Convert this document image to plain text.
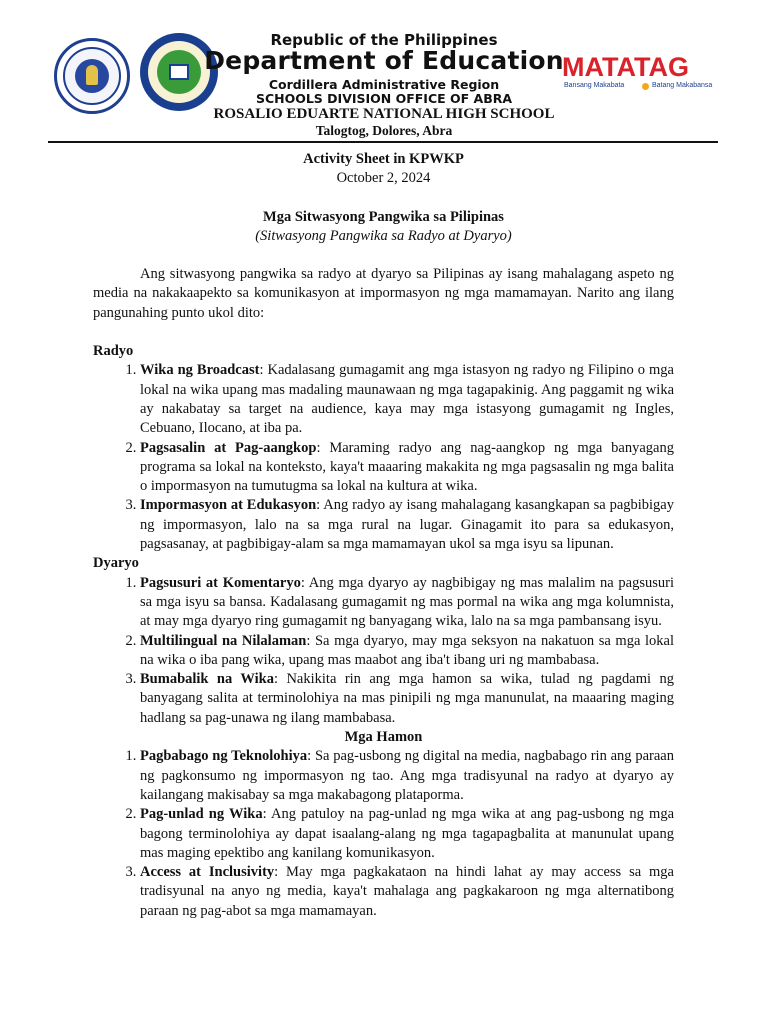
Republic of the Philippines
Department of Education
Cordillera Administrative Region
SCHOOLS DIVISION OFFICE OF ABRA
ROSALIO EDUARTE NATIONAL HIGH SCHOOL
Talogtog, Dolores, Abra
MATATAG
Bansang Makabata	Batang Makabansa
Activity Sheet in KPWKP
October 2, 2024
Mga Sitwasyong Pangwika sa Pilipinas
(Sitwasyong Pangwika sa Radyo at Dyaryo)

Ang sitwasyong pangwika sa radyo at dyaryo sa Pilipinas ay isang mahalagang aspeto ng media na nakakaapekto sa komunikasyon at impormasyon ng mga mamamayan. Narito ang ilang pangunahing punto ukol dito:

Radyo

1. Wika ng Broadcast: Kadalasang gumagamit ang mga istasyon ng radyo ng Filipino o mga lokal na wika upang mas madaling maunawaan ng mga tagapakinig. Ang paggamit ng wika ay nakabatay sa target na audience, kaya may mga istasyong gumagamit ng Ingles, Cebuano, Ilocano, at iba pa.
2. Pagsasalin at Pag-aangkop: Maraming radyo ang nag-aangkop ng mga banyagang programa sa lokal na konteksto, kaya't maaaring makakita ng mga pagsasalin ng mga balita o impormasyon na tumutugma sa lokal na kultura at wika.
3. Impormasyon at Edukasyon: Ang radyo ay isang mahalagang kasangkapan sa pagbibigay ng impormasyon, lalo na sa mga rural na lugar. Ginagamit ito para sa edukasyon, pagsasanay, at pagbibigay-alam sa mga mamamayan ukol sa mga isyu sa lipunan.

Dyaryo

1. Pagsusuri at Komentaryo: Ang mga dyaryo ay nagbibigay ng mas malalim na pagsusuri sa mga isyu sa bansa. Kadalasang gumagamit ng mas pormal na wika ang mga kolumnista, at may mga dyaryo ring gumagamit ng banyagang wika, lalo na sa mga pambansang isyu.
2. Multilingual na Nilalaman: Sa mga dyaryo, may mga seksyon na nakatuon sa mga lokal na wika o iba pang wika, upang mas maabot ang iba't ibang uri ng mambabasa.
3. Bumabalik na Wika: Nakikita rin ang mga hamon sa wika, tulad ng pagdami ng banyagang salita at terminolohiya na mas pinipili ng mga manunulat, na maaaring maging hadlang sa pag-unawa ng ilang mambabasa.

Mga Hamon

1. Pagbabago ng Teknolohiya: Sa pag-usbong ng digital na media, nagbabago rin ang paraan ng pagkonsumo ng impormasyon ng tao. Ang mga tradisyunal na radyo at dyaryo ay kailangang makisabay sa mga makabagong plataporma.
2. Pag-unlad ng Wika: Ang patuloy na pag-unlad ng mga wika at ang pag-usbong ng mga bagong terminolohiya ay dapat isaalang-alang ng mga tagapagbalita at manunulat upang mas maging epektibo ang kanilang komunikasyon.
3. Access at Inclusivity: May mga pagkakataon na hindi lahat ay may access sa mga tradisyunal na anyo ng media, kaya't mahalaga ang pagkakaroon ng mga alternatibong paraan ng pag-abot sa mga mamamayan.
